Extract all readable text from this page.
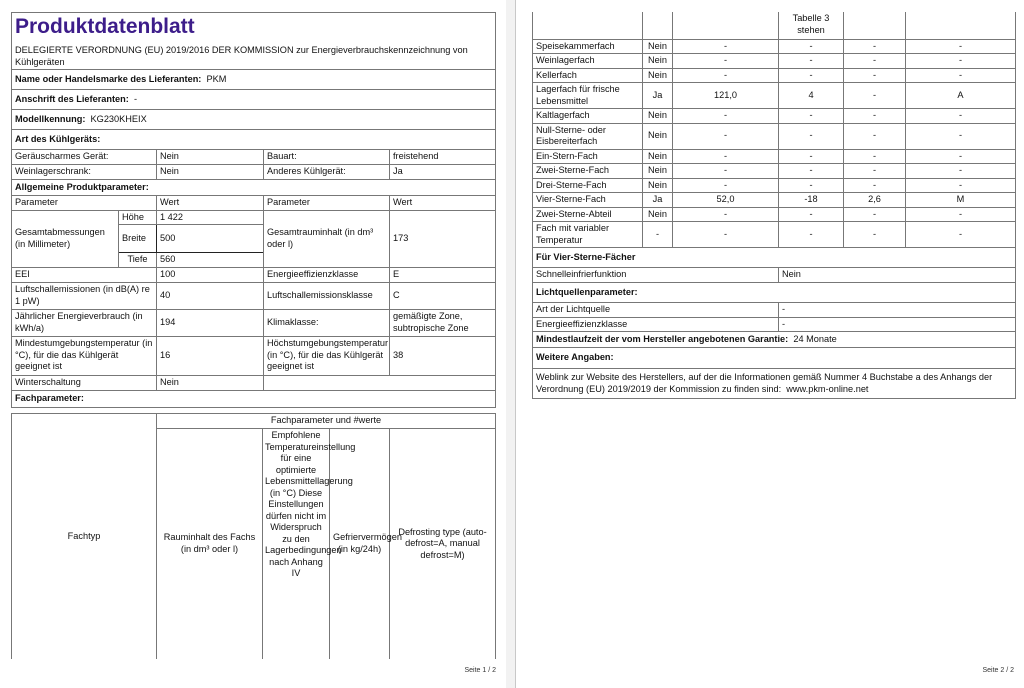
Produktdatenblatt
DELEGIERTE VERORDNUNG (EU) 2019/2016 DER KOMMISSION zur Energieverbrauchskennzeichnung von Kühlgeräten				

Name oder Handelsmarke des Lieferanten: PKM				
Anschrift des Lieferanten: -				
Modellkennung: KG230KHEIX				
Art des Kühlgeräts:				
Geräuscharmes Gerät:		Nein	Bauart:	freistehend
Weinlagerschrank:		Nein	Anderes Kühlgerät:	Ja
Allgemeine Produktparameter:				
Parameter		Wert	Parameter	Wert
Gesamtabmessungen (in Millimeter)	Höhe	1 422	Gesamtrauminhalt (in dm³ oder l)	173
	Breite	500		
	Tiefe	560		
EEI		100	Energieeffizienzklasse	E
Luftschallemissionen (in dB(A) re 1 pW)		40	Luftschallemissionsklasse	C
Jährlicher Energieverbrauch (in kWh/a)		194	Klimaklasse:	gemäßigte Zone, subtropische Zone
Mindestumgebungstemperatur (in °C), für die das Kühlgerät geeignet ist		16	Höchstumgebungstemperatur (in °C), für die das Kühlgerät geeignet ist	38
Winterschaltung		Nein		
Fachparameter:				
Fachtyp	Fachparameter und #werte			
	Rauminhalt des Fachs (in dm³ oder l)	Empfohlene Temperatureinstellung für eine optimierte Lebensmittellagerung (in °C) Diese Einstellungen dürfen nicht im Widerspruch zu den Lagerbedingungen nach Anhang IV	Gefriervermögen (in kg/24h)	Defrosting type (auto-defrost=A, manual defrost=M)
Seite 1 / 2
			Tabelle 3 stehen		
Speisekammerfach	Nein	-	-	-	-
Weinlagerfach	Nein	-	-	-	-
Kellerfach	Nein	-	-	-	-
Lagerfach für frische Lebensmittel	Ja	121,0	4	-	A
Kaltlagerfach	Nein	-	-	-	-
Null-Sterne- oder Eisbereiterfach	Nein	-	-	-	-
Ein-Stern-Fach	Nein	-	-	-	-
Zwei-Sterne-Fach	Nein	-	-	-	-
Drei-Sterne-Fach	Nein	-	-	-	-
Vier-Sterne-Fach	Ja	52,0	-18	2,6	M
Zwei-Sterne-Abteil	Nein	-	-	-	-
Fach mit variabler Temperatur	-	-	-	-	-
Für Vier-Sterne-Fächer					
Schnelleinfrierfunktion			Nein		
Lichtquellenparameter:					
Art der Lichtquelle			-		
Energieeffizienzklasse			-		
Mindestlaufzeit der vom Hersteller angebotenen Garantie: 24 Monate					
Weitere Angaben:					
Weblink zur Website des Herstellers, auf der die Informationen gemäß Nummer 4 Buchstabe a des Anhangs der Verordnung (EU) 2019/2019 der Kommission zu finden sind: www.pkm-online.net					
Seite 2 / 2
